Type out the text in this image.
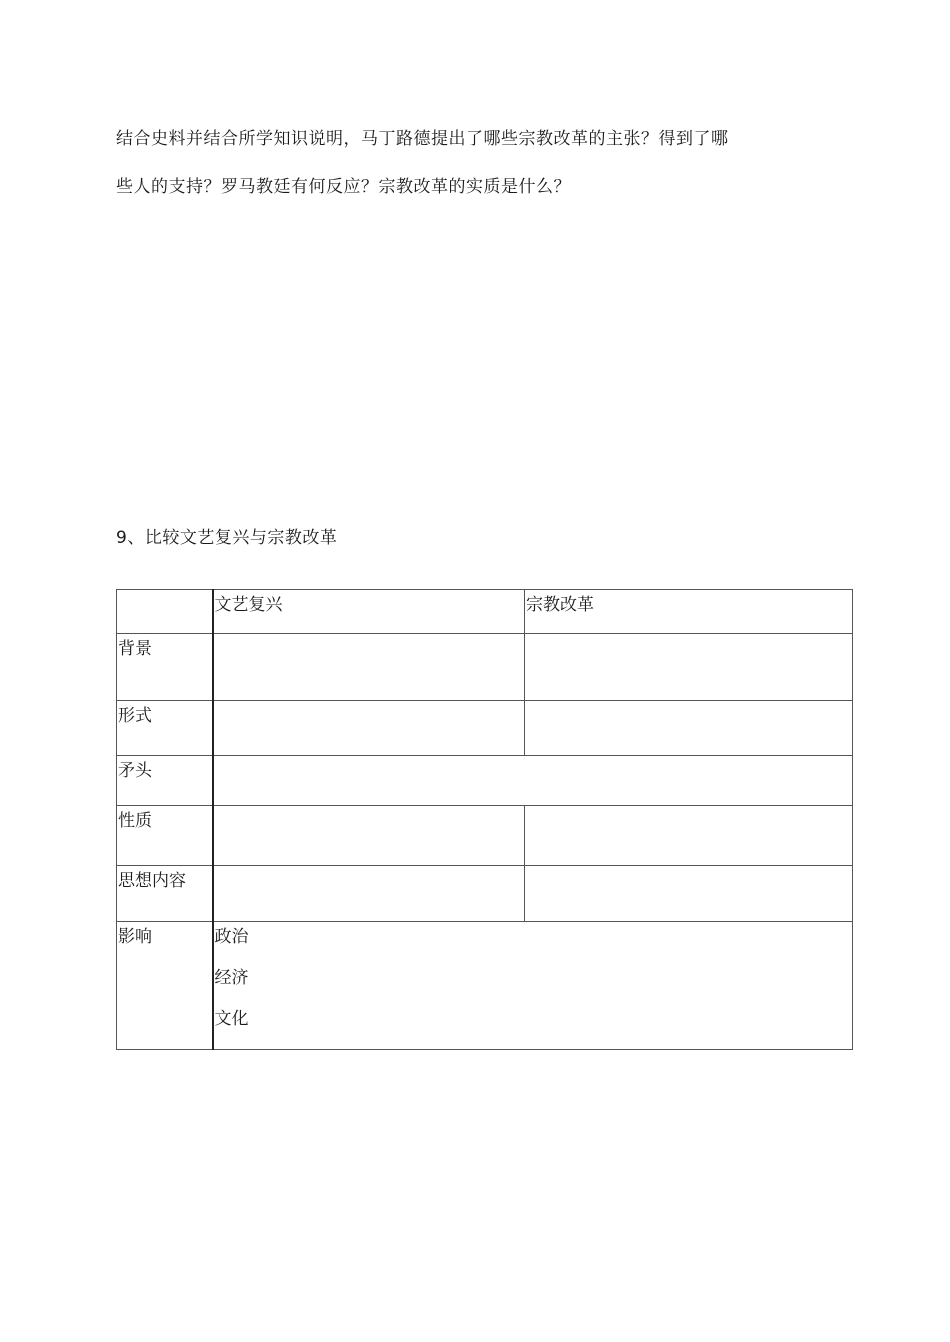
结合史料并结合所学知识说明，马丁路德提出了哪些宗教改革的主张？得到了哪
些人的支持？罗马教廷有何反应？宗教改革的实质是什么？
9、比较文艺复兴与宗教改革
	文艺复兴	宗教改革
背景		
形式		
矛头		
性质		
思想内容		
影响	政治
经济
文化	
